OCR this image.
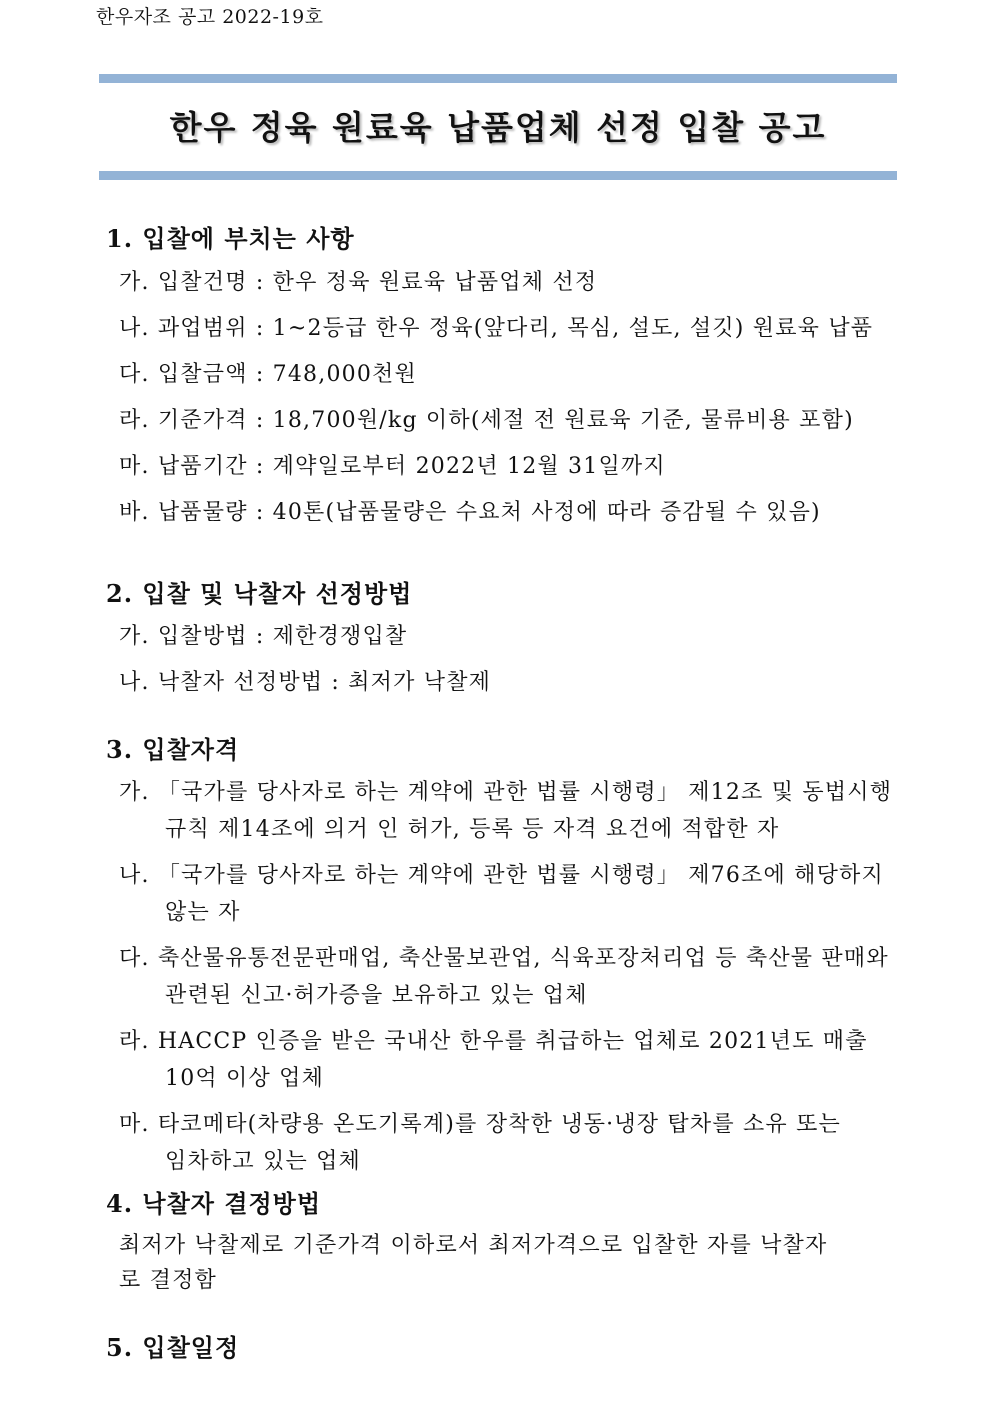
한우자조 공고 2022-19호
한우 정육 원료육 납품업체 선정 입찰 공고
1. 입찰에 부치는 사항
가. 입찰건명 : 한우 정육 원료육 납품업체 선정
나. 과업범위 : 1~2등급 한우 정육(앞다리, 목심, 설도, 설깃) 원료육 납품
다. 입찰금액 : 748,000천원
라. 기준가격 : 18,700원/kg 이하(세절 전 원료육 기준, 물류비용 포함)
마. 납품기간 : 계약일로부터 2022년 12월 31일까지
바. 납품물량 : 40톤(납품물량은 수요처 사정에 따라 증감될 수 있음)
2. 입찰 및 낙찰자 선정방법
가. 입찰방법 : 제한경쟁입찰
나. 낙찰자 선정방법 : 최저가 낙찰제
3. 입찰자격
가. 「국가를 당사자로 하는 계약에 관한 법률 시행령」 제12조 및 동법시행
규칙 제14조에 의거 인 허가, 등록 등 자격 요건에 적합한 자
나. 「국가를 당사자로 하는 계약에 관한 법률 시행령」 제76조에 해당하지
않는 자
다. 축산물유통전문판매업, 축산물보관업, 식육포장처리업 등 축산물 판매와
관련된 신고·허가증을 보유하고 있는 업체
라. HACCP 인증을 받은 국내산 한우를 취급하는 업체로 2021년도 매출
10억 이상 업체
마. 타코메타(차량용 온도기록계)를 장착한 냉동·냉장 탑차를 소유 또는
임차하고 있는 업체
4. 낙찰자 결정방법
최저가 낙찰제로 기준가격 이하로서 최저가격으로 입찰한 자를 낙찰자
로 결정함
5. 입찰일정
